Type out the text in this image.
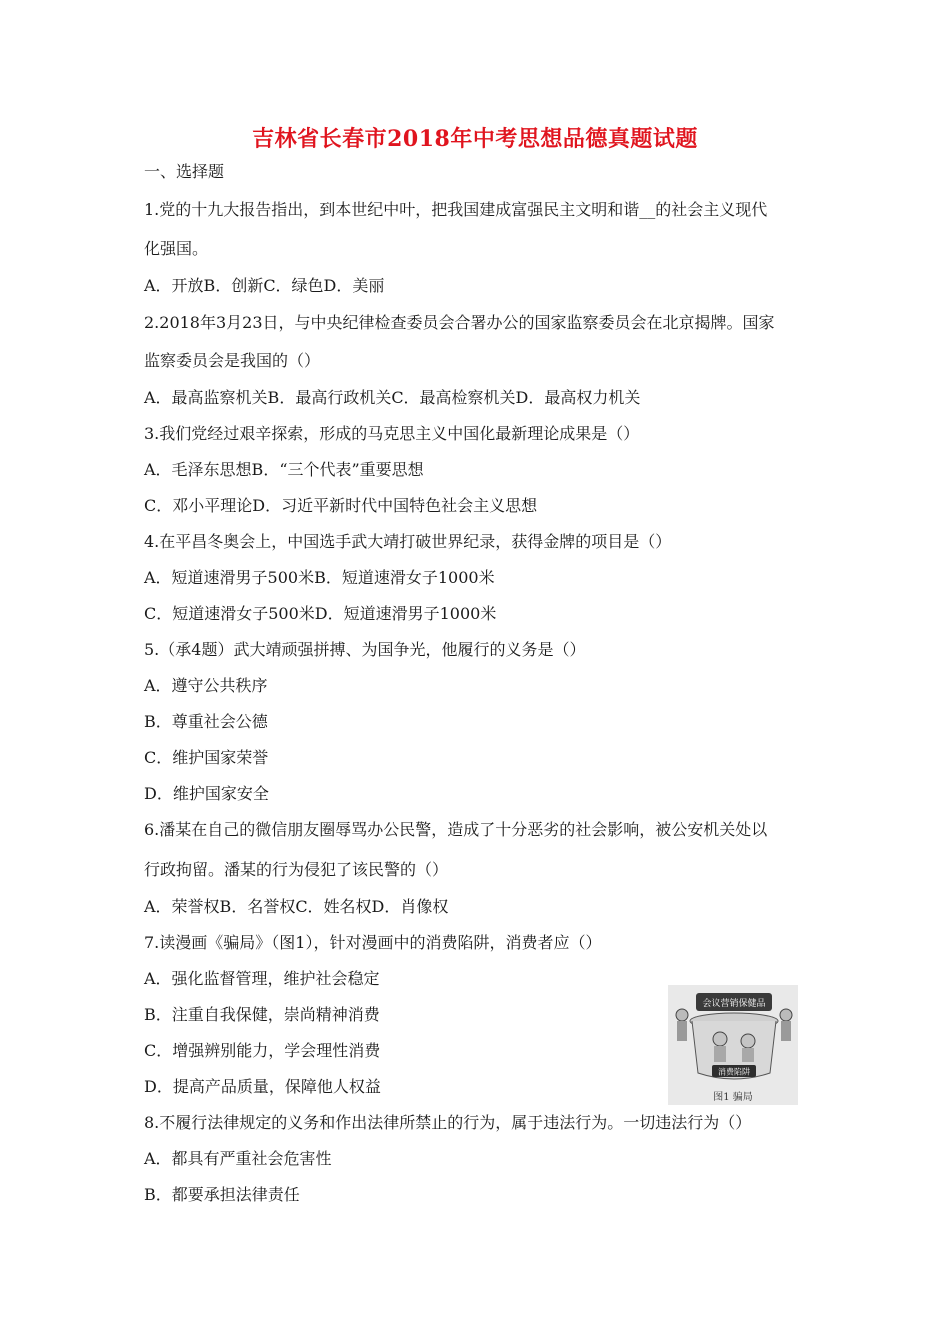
吉林省长春市2018年中考思想品德真题试题
一、选择题
1.党的十九大报告指出，到本世纪中叶，把我国建成富强民主文明和谐__的社会主义现代
化强国。
A．开放B．创新C．绿色D．美丽
2.2018年3月23日，与中央纪律检查委员会合署办公的国家监察委员会在北京揭牌。国家
监察委员会是我国的（）
A．最高监察机关B．最高行政机关C．最高检察机关D．最高权力机关
3.我们党经过艰辛探索，形成的马克思主义中国化最新理论成果是（）
A．毛泽东思想B．“三个代表”重要思想
C．邓小平理论D．习近平新时代中国特色社会主义思想
4.在平昌冬奥会上，中国选手武大靖打破世界纪录，获得金牌的项目是（）
A．短道速滑男子500米B．短道速滑女子1000米
C．短道速滑女子500米D．短道速滑男子1000米
5.（承4题）武大靖顽强拼搏、为国争光，他履行的义务是（）
A．遵守公共秩序
B．尊重社会公德
C．维护国家荣誉
D．维护国家安全
6.潘某在自己的微信朋友圈辱骂办公民警，造成了十分恶劣的社会影响，被公安机关处以
行政拘留。潘某的行为侵犯了该民警的（）
A．荣誉权B．名誉权C．姓名权D．肖像权
7.读漫画《骗局》（图1），针对漫画中的消费陷阱，消费者应（）
A．强化监督管理，维护社会稳定
B．注重自我保健，崇尚精神消费
C．增强辨别能力，学会理性消费
D．提高产品质量，保障他人权益
8.不履行法律规定的义务和作出法律所禁止的行为，属于违法行为。一切违法行为（）
A．都具有严重社会危害性
B．都要承担法律责任
会议营销保健品
消费陷阱
图1 骗局
